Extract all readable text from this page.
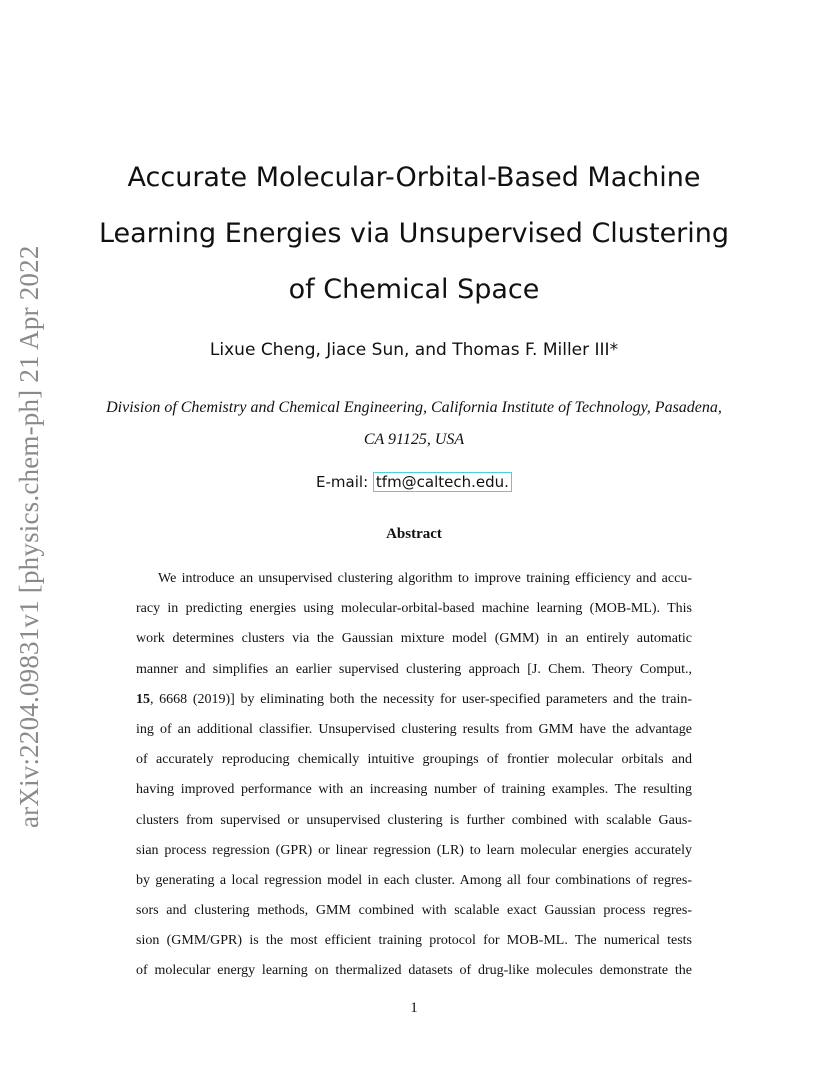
arXiv:2204.09831v1 [physics.chem-ph] 21 Apr 2022
Accurate Molecular-Orbital-Based Machine
Learning Energies via Unsupervised Clustering
of Chemical Space
Lixue Cheng, Jiace Sun, and Thomas F. Miller III*
Division of Chemistry and Chemical Engineering, California Institute of Technology, Pasadena,
CA 91125, USA
E-mail: tfm@caltech.edu.
Abstract
We introduce an unsupervised clustering algorithm to improve training efficiency and accu-
racy in predicting energies using molecular-orbital-based machine learning (MOB-ML). This
work determines clusters via the Gaussian mixture model (GMM) in an entirely automatic
manner and simplifies an earlier supervised clustering approach [J. Chem. Theory Comput.,
15, 6668 (2019)] by eliminating both the necessity for user-specified parameters and the train-
ing of an additional classifier. Unsupervised clustering results from GMM have the advantage
of accurately reproducing chemically intuitive groupings of frontier molecular orbitals and
having improved performance with an increasing number of training examples. The resulting
clusters from supervised or unsupervised clustering is further combined with scalable Gaus-
sian process regression (GPR) or linear regression (LR) to learn molecular energies accurately
by generating a local regression model in each cluster. Among all four combinations of regres-
sors and clustering methods, GMM combined with scalable exact Gaussian process regres-
sion (GMM/GPR) is the most efficient training protocol for MOB-ML. The numerical tests
of molecular energy learning on thermalized datasets of drug-like molecules demonstrate the
1
